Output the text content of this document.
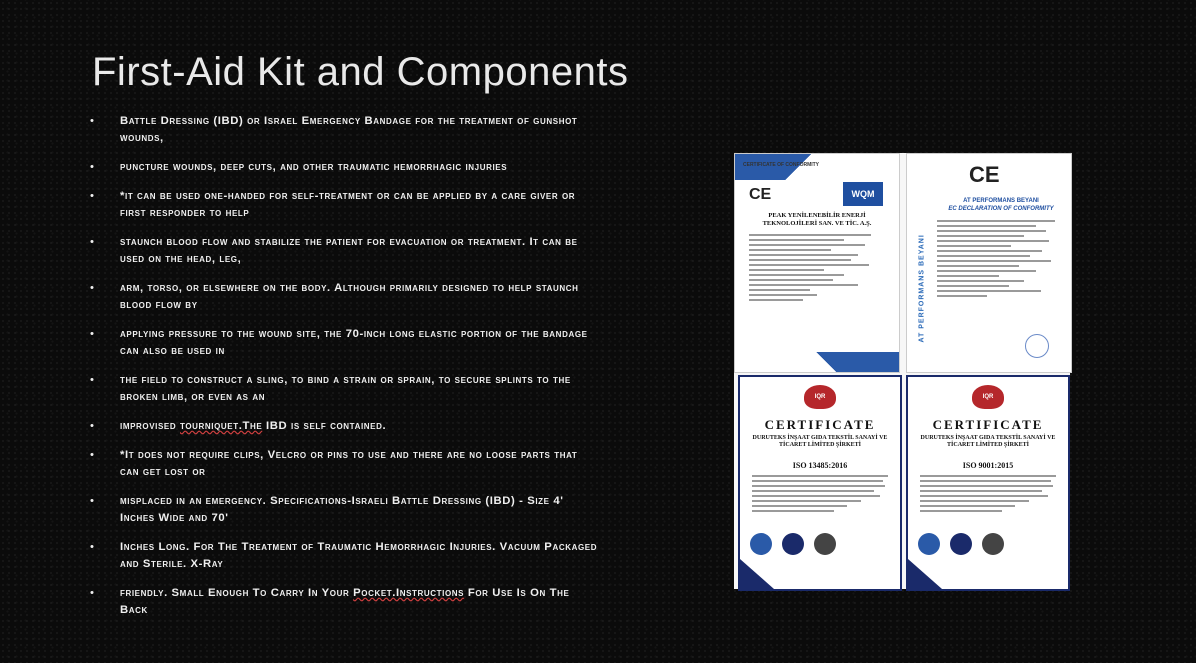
First-Aid Kit and Components
• Battle Dressing (IBD) or Israel Emergency Bandage for the treatment of gunshot wounds,
• puncture wounds, deep cuts, and other traumatic hemorrhagic injuries
• *it can be used one-handed for self-treatment or can be applied by a care giver or first responder to help
• staunch blood flow and stabilize the patient for evacuation or treatment. It can be used on the head, leg,
• arm, torso, or elsewhere on the body. Although primarily designed to help staunch blood flow by
• applying pressure to the wound site, the 70-inch long elastic portion of the bandage can also be used in
• the field to construct a sling, to bind a strain or sprain, to secure splints to the broken limb, or even as an
• improvised tourniquet.The IBD is self contained.
• *It does not require clips, Velcro or pins to use and there are no loose parts that can get lost or
• misplaced in an emergency. Specifications-Israeli Battle Dressing (IBD) - Size 4' Inches Wide and 70'
• Inches Long. For The Treatment of Traumatic Hemorrhagic Injuries. Vacuum Packaged and Sterile. X-Ray
• friendly. Small Enough To Carry In Your Pocket.Instructions For Use Is On The Back
CERTIFICATE OF CONFORMITY
CE	WQM
PEAK YENİLENEBİLİR ENERJİ TEKNOLOJİLERİ SAN. VE TİC. A.Ş.
AT PERFORMANS BEYANI
CE
AT PERFORMANS BEYANI
EC DECLARATION OF CONFORMITY
IQR
CERTIFICATE
DURUTEKS İNŞAAT GIDA TEKSTİL SANAYİ VE TİCARET LİMİTED ŞİRKETİ
ISO 13485:2016
IQR
CERTIFICATE
DURUTEKS İNŞAAT GIDA TEKSTİL SANAYİ VE TİCARET LİMİTED ŞİRKETİ
ISO 9001:2015
